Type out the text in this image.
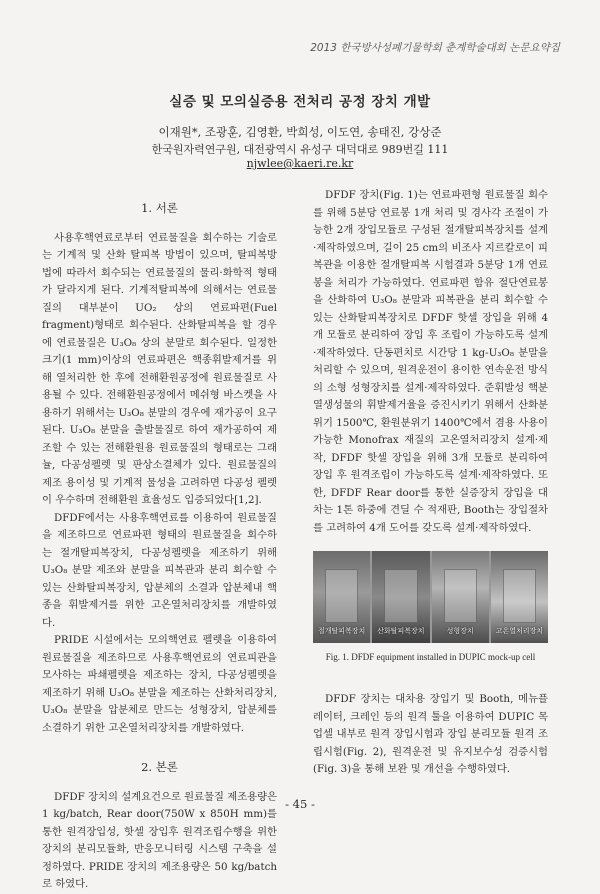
2013 한국방사성폐기물학회 춘계학술대회 논문요약집
실증 및 모의실증용 전처리 공정 장치 개발
이재원*, 조광훈, 김영환, 박희성, 이도연, 송태진, 강상준
한국원자력연구원, 대전광역시 유성구 대덕대로 989번길 111
njwlee@kaeri.re.kr
1. 서론

사용후핵연료로부터 연료물질을 회수하는 기술로는 기계적 및 산화 탈피복 방법이 있으며, 탈피복방법에 따라서 회수되는 연료물질의 물리·화학적 형태가 달라지게 된다. 기계적탈피복에 의해서는 연료물질의 대부분이 UO₂ 상의 연료파편(Fuel fragment)형태로 회수된다. 산화탈피복을 할 경우에 연료물질은 U₃O₈ 상의 분말로 회수된다. 일정한 크기(1 mm)이상의 연료파편은 핵종휘발제거를 위해 열처리한 한 후에 전해환원공정에 원료물질로 사용될 수 있다. 전해환원공정에서 메쉬형 바스켓을 사용하기 위해서는 U₃O₈ 분말의 경우에 재가공이 요구된다. U₃O₈ 분말을 출발물질로 하여 재가공하여 제조할 수 있는 전해환원용 원료물질의 형태로는 그래뉼, 다공성펠렛 및 판상소결체가 있다. 원료물질의 제조 용이성 및 기계적 물성을 고려하면 다공성 펠렛이 우수하며 전해환원 효율성도 입증되었다[1,2].

DFDF에서는 사용후핵연료를 이용하여 원료물질을 제조하므로 연료파편 형태의 원료물질을 회수하는 절개탈피복장치, 다공성펠렛을 제조하기 위해 U₃O₈ 분말 제조와 분말을 피복관과 분리 회수할 수 있는 산화탈피복장치, 압분체의 소결과 압분체내 핵종을 휘발제거를 위한 고온열처리장치를 개발하였다.

PRIDE 시설에서는 모의핵연료 펠렛을 이용하여 원료물질을 제조하므로 사용후핵연료의 연료피관을 모사하는 파쇄펠렛을 제조하는 장치, 다공성펠렛을 제조하기 위해 U₃O₈ 분말을 제조하는 산화처리장치, U₃O₈ 분말을 압분체로 만드는 성형장치, 압분체를 소결하기 위한 고온열처리장치를 개발하였다.

2. 본론

DFDF 장치의 설계요건으로 원료물질 제조용량은 1 kg/batch, Rear door(750W x 850H mm)를 통한 원격장입성, 핫셀 장입후 원격조립수행을 위한 장치의 분리모듈화, 반응모니터링 시스템 구축을 설정하였다. PRIDE 장치의 제조용량은 50 kg/batch로 하였다.

DFDF 장치(Fig. 1)는 연료파편형 원료물질 회수를 위해 5분당 연료봉 1개 처리 및 경사각 조절이 가능한 2개 장입모듈로 구성된 절개탈피복장치를 설계·제작하였으며, 길이 25 cm의 비조사 지르칼로이 피복관을 이용한 절개탈피복 시험결과 5분당 1개 연료봉을 처리가 가능하였다. 연료파편 함유 절단연료봉을 산화하여 U₃O₈ 분말과 피복관을 분리 회수할 수 있는 산화탈피복장치로 DFDF 핫셀 장입을 위해 4개 모듈로 분리하여 장입 후 조립이 가능하도록 설계·제작하였다. 단동편치로 시간당 1 kg-U₃O₈ 분말을 처리할 수 있으며, 원격운전이 용이한 연속운전 방식의 소형 성형장치를 설계·제작하였다. 준휘발성 핵분열생성물의 휘발제거율을 증진시키기 위해서 산화분위기 1500℃, 환원분위기 1400℃에서 겸용 사용이 가능한 Monofrax 재질의 고온열처리장치 설계·제작, DFDF 핫셀 장입을 위해 3개 모듈로 분리하여 장입 후 원격조립이 가능하도록 설계·제작하였다. 또한, DFDF Rear door를 통한 실증장치 장입을 대차는 1톤 하중에 견딜 수 적재판, Booth는 장입절차를 고려하여 4개 도어를 갖도록 설계·제작하였다.

절개탈피복장치	산화탈피복장치	성형장치	고온열처리장치
Fig. 1. DFDF equipment installed in DUPIC mock-up cell

DFDF 장치는 대차용 장입기 및 Booth, 메뉴플레이터, 크레인 등의 원격 툴을 이용하여 DUPIC 목업셀 내부로 원격 장입시험과 장입 분리모듈 원격 조립시험(Fig. 2), 원격운전 및 유지보수성 검증시험(Fig. 3)을 통해 보완 및 개선을 수행하였다.

- 45 -
